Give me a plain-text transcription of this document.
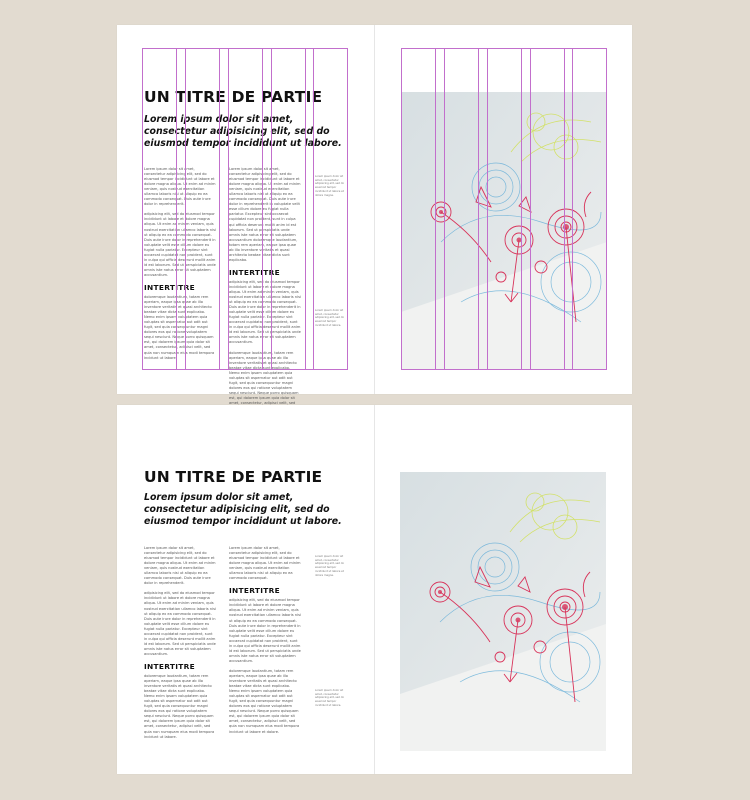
UN TITRE DE PARTIE

Lorem ipsum dolor sit amet, consectetur adipisicing elit, sed do eiusmod tempor incididunt ut labore.

Lorem ipsum dolor sit amet, consectetur adipisicing elit, sed do eiusmod tempor incididunt ut labore et dolore magna aliqua. Ut enim ad minim veniam, quis nostrud exercitation ullamco laboris nisi ut aliquip ex ea commodo consequat. Duis aute irure dolor in reprehenderit.

adipisicing elit, sed do eiusmod tempor incididunt ut labore et dolore magna aliqua. Ut enim ad minim veniam, quis nostrud exercitation ullamco laboris nisi ut aliquip ex ea commodo consequat. Duis aute irure dolor in reprehenderit in voluptate velit esse cillum dolore eu fugiat nulla pariatur. Excepteur sint occaecat cupidatat non proident, sunt in culpa qui officia deserunt mollit anim id est laborum. Sed ut perspiciatis unde omnis iste natus error sit voluptatem accusantium.

INTERTITRE

doloremque laudantium, totam rem aperiam, eaque ipsa quae ab illo inventore veritatis et quasi architecto beatae vitae dicta sunt explicabo. Nemo enim ipsam voluptatem quia voluptas sit aspernatur aut odit aut fugit, sed quia consequuntur magni dolores eos qui ratione voluptatem sequi nesciunt. Neque porro quisquam est, qui dolorem ipsum quia dolor sit amet, consectetur, adipisci velit, sed quia non numquam eius modi tempora incidunt ut labore.

Lorem ipsum dolor sit amet, consectetur adipisicing elit, sed do eiusmod tempor incididunt ut labore et dolore magna aliqua. Ut enim ad minim veniam, quis nostrud exercitation ullamco laboris nisi ut aliquip ex ea commodo consequat. Duis aute irure dolor in reprehenderit in voluptate velit esse cillum dolore eu fugiat nulla pariatur. Excepteur sint occaecat cupidatat non proident, sunt in culpa qui officia deserunt mollit anim id est laborum. Sed ut perspiciatis unde omnis iste natus error sit voluptatem accusantium doloremque laudantium, totam rem aperiam, eaque ipsa quae ab illo inventore veritatis et quasi architecto beatae vitae dicta sunt explicabo.

INTERTITRE

adipisicing elit, sed do eiusmod tempor incididunt ut labore et dolore magna aliqua. Ut enim ad minim veniam, quis nostrud exercitation ullamco laboris nisi ut aliquip ex ea commodo consequat. Duis aute irure dolor in reprehenderit in voluptate velit esse cillum dolore eu fugiat nulla pariatur. Excepteur sint occaecat cupidatat non proident, sunt in culpa qui officia deserunt mollit anim id est laborum. Sed ut perspiciatis unde omnis iste natus error sit voluptatem accusantium.

doloremque laudantium, totam rem aperiam, eaque ipsa quae ab illo inventore veritatis et quasi architecto beatae vitae dicta sunt explicabo. Nemo enim ipsam voluptatem quia voluptas sit aspernatur aut odit aut fugit, sed quia consequuntur magni dolores eos qui ratione voluptatem sequi nesciunt. Neque porro quisquam est, qui dolorem ipsum quia dolor sit amet, consectetur, adipisci velit, sed

Lorem ipsum dolor sit amet, consectetur adipisicing elit, sed do eiusmod tempor incididunt ut labore et dolore magna.
Lorem ipsum dolor sit amet, consectetur adipisicing elit, sed do eiusmod tempor incididunt ut labore.
UN TITRE DE PARTIE

Lorem ipsum dolor sit amet, consectetur adipisicing elit, sed do eiusmod tempor incididunt ut labore.

Lorem ipsum dolor sit amet, consectetur adipisicing elit, sed do eiusmod tempor incididunt ut labore et dolore magna aliqua. Ut enim ad minim veniam, quis nostrud exercitation ullamco laboris nisi ut aliquip ex ea commodo consequat. Duis aute irure dolor in reprehenderit.

adipisicing elit, sed do eiusmod tempor incididunt ut labore et dolore magna aliqua. Ut enim ad minim veniam, quis nostrud exercitation ullamco laboris nisi ut aliquip ex ea commodo consequat. Duis aute irure dolor in reprehenderit in voluptate velit esse cillum dolore eu fugiat nulla pariatur. Excepteur sint occaecat cupidatat non proident, sunt in culpa qui officia deserunt mollit anim id est laborum. Sed ut perspiciatis unde omnis iste natus error sit voluptatem accusantium.

INTERTITRE

doloremque laudantium, totam rem aperiam, eaque ipsa quae ab illo inventore veritatis et quasi architecto beatae vitae dicta sunt explicabo. Nemo enim ipsam voluptatem quia voluptas sit aspernatur aut odit aut fugit, sed quia consequuntur magni dolores eos qui ratione voluptatem sequi nesciunt. Neque porro quisquam est, qui dolorem ipsum quia dolor sit amet, consectetur, adipisci velit, sed quia non numquam eius modi tempora incidunt ut labore.

Lorem ipsum dolor sit amet, consectetur adipisicing elit, sed do eiusmod tempor incididunt ut labore et dolore magna aliqua. Ut enim ad minim veniam, quis nostrud exercitation ullamco laboris nisi ut aliquip ex ea commodo consequat.

INTERTITRE

adipisicing elit, sed do eiusmod tempor incididunt ut labore et dolore magna aliqua. Ut enim ad minim veniam, quis nostrud exercitation ullamco laboris nisi ut aliquip ex ea commodo consequat. Duis aute irure dolor in reprehenderit in voluptate velit esse cillum dolore eu fugiat nulla pariatur. Excepteur sint occaecat cupidatat non proident, sunt in culpa qui officia deserunt mollit anim id est laborum. Sed ut perspiciatis unde omnis iste natus error sit voluptatem accusantium.

doloremque laudantium, totam rem aperiam, eaque ipsa quae ab illo inventore veritatis et quasi architecto beatae vitae dicta sunt explicabo. Nemo enim ipsam voluptatem quia voluptas sit aspernatur aut odit aut fugit, sed quia consequuntur magni dolores eos qui ratione voluptatem sequi nesciunt. Neque porro quisquam est, qui dolorem ipsum quia dolor sit amet, consectetur, adipisci velit, sed quia non numquam eius modi tempora incidunt ut labore et dolore.

Lorem ipsum dolor sit amet, consectetur adipisicing elit, sed do eiusmod tempor incididunt ut labore et dolore magna.
Lorem ipsum dolor sit amet, consectetur adipisicing elit, sed do eiusmod tempor incididunt ut labore.
